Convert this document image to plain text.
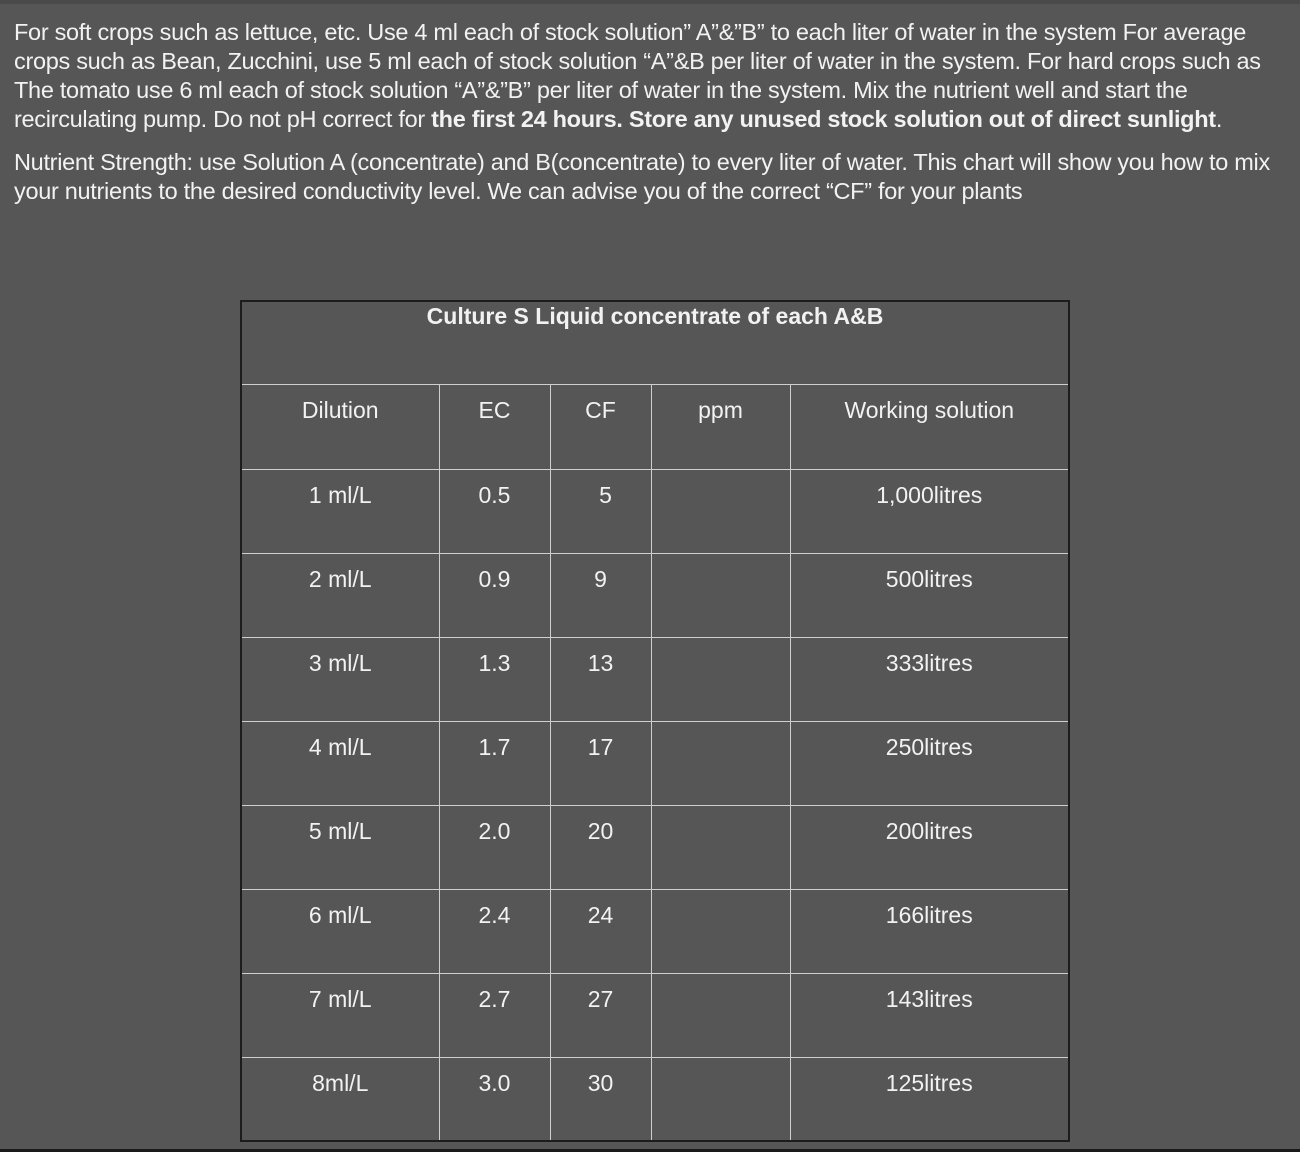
For soft crops such as lettuce, etc. Use 4 ml each of stock solution” A”&”B” to each liter of water in the system For average crops such as Bean, Zucchini, use 5 ml each of stock solution “A”&B per liter of water in the system. For hard crops such as The tomato use 6 ml each of stock solution “A”&”B” per liter of water in the system. Mix the nutrient well and start the recirculating pump. Do not pH correct for the first 24 hours. Store any unused stock solution out of direct sunlight.

Nutrient Strength: use Solution A (concentrate) and B(concentrate) to every liter of water. This chart will show you how to mix your nutrients to the desired conductivity level. We can advise you of the correct “CF” for your plants

Culture S Liquid concentrate of each A&B				
Dilution	EC	CF	ppm	Working solution
1 ml/L	0.5	5		1,000litres
2 ml/L	0.9	9		500litres
3 ml/L	1.3	13		333litres
4 ml/L	1.7	17		250litres
5 ml/L	2.0	20		200litres
6 ml/L	2.4	24		166litres
7 ml/L	2.7	27		143litres
8ml/L	3.0	30		125litres
